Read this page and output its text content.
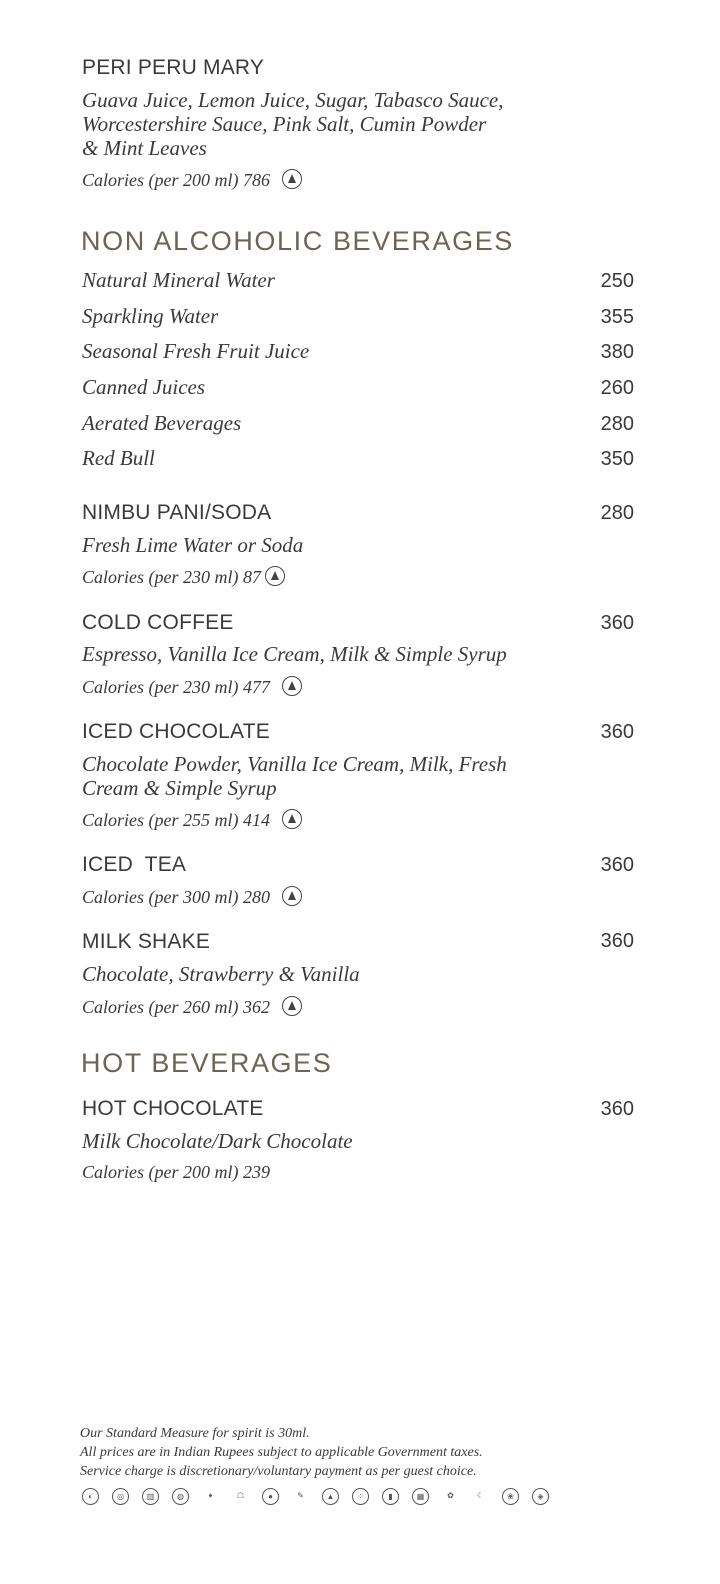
PERI PERU MARY
Guava Juice, Lemon Juice, Sugar, Tabasco Sauce,
Worcestershire Sauce, Pink Salt, Cumin Powder
& Mint Leaves
Calories (per 200 ml) 786
NON ALCOHOLIC BEVERAGES
Natural Mineral Water	250
Sparkling Water	355
Seasonal Fresh Fruit Juice	380
Canned Juices	260
Aerated Beverages	280
Red Bull	350
NIMBU PANI/SODA	280
Fresh Lime Water or Soda
Calories (per 230 ml) 87
COLD COFFEE	360
Espresso, Vanilla Ice Cream, Milk & Simple Syrup
Calories (per 230 ml) 477
ICED CHOCOLATE	360
Chocolate Powder, Vanilla Ice Cream, Milk, Fresh
Cream & Simple Syrup
Calories (per 255 ml) 414
ICED  TEA	360
Calories (per 300 ml) 280
MILK SHAKE	360
Chocolate, Strawberry & Vanilla
Calories (per 260 ml) 362
HOT BEVERAGES
HOT CHOCOLATE	360
Milk Chocolate/Dark Chocolate
Calories (per 200 ml) 239
Our Standard Measure for spirit is 30ml.
All prices are in Indian Rupees subject to applicable Government taxes.
Service charge is discretionary/voluntary payment as per guest choice.
◐	◎	▥	◍	➧	☖	●	✎	▲	⁘	▮	▦	✿	☾	❀	◈
